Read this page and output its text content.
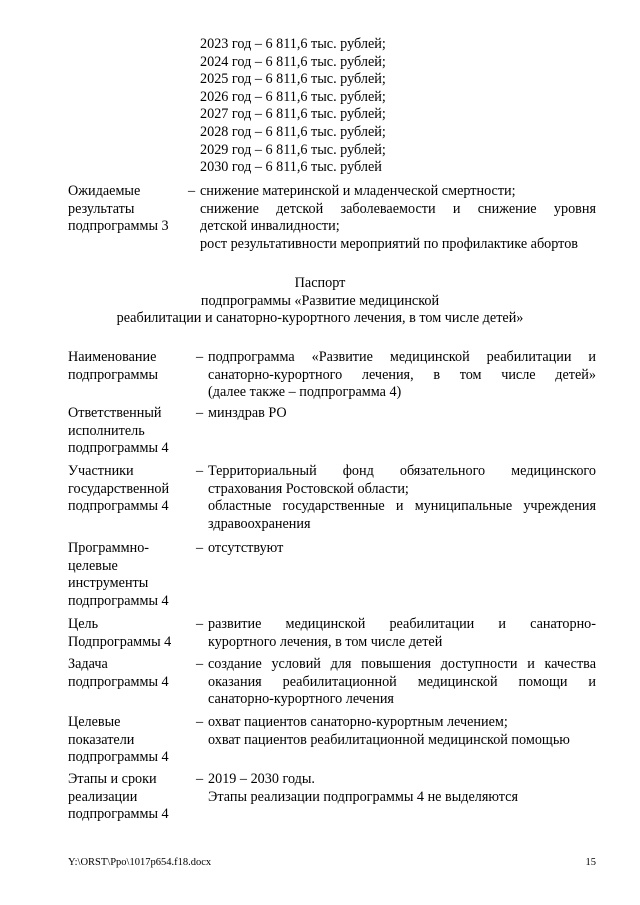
2023 год – 6 811,6 тыс. рублей;
2024 год – 6 811,6 тыс. рублей;
2025 год – 6 811,6 тыс. рублей;
2026 год – 6 811,6 тыс. рублей;
2027 год – 6 811,6 тыс. рублей;
2028 год – 6 811,6 тыс. рублей;
2029 год – 6 811,6 тыс. рублей;
2030 год – 6 811,6 тыс. рублей
Ожидаемые
результаты
подпрограммы 3
– снижение материнской и младенческой смертности;
снижение детской заболеваемости и снижение уровня
детской инвалидности;
рост результативности мероприятий по профилактике абортов
Паспорт
подпрограммы «Развитие медицинской
реабилитации и санаторно-курортного лечения, в том числе детей»
Наименование
подпрограммы
– подпрограмма «Развитие медицинской реабилитации и
санаторно-курортного лечения, в том числе детей»
(далее также – подпрограмма 4)
Ответственный
исполнитель
подпрограммы 4
– минздрав РО
Участники
государственной
подпрограммы 4
– Территориальный фонд обязательного медицинского
страхования Ростовской области;
областные государственные и муниципальные учреждения
здравоохранения
Программно-
целевые
инструменты
подпрограммы 4
– отсутствуют
Цель
Подпрограммы 4
– развитие медицинской реабилитации и санаторно-
курортного лечения, в том числе детей
Задача
подпрограммы 4
– создание условий для повышения доступности и качества
оказания реабилитационной медицинской помощи и
санаторно-курортного лечения
Целевые
показатели
подпрограммы 4
– охват пациентов санаторно-курортным лечением;
охват пациентов реабилитационной медицинской помощью
Этапы и сроки
реализации
подпрограммы 4
– 2019 – 2030 годы.
Этапы реализации подпрограммы 4 не выделяются
Y:\ORST\Ppo\1017p654.f18.docx	15
